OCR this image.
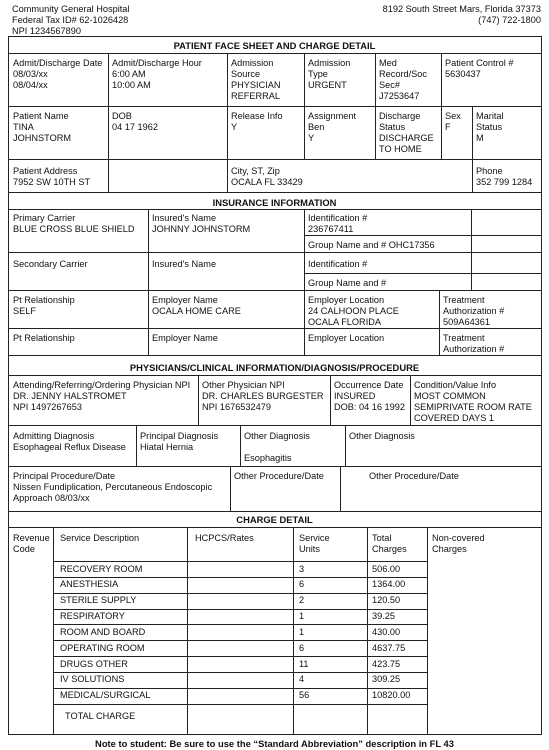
Community General Hospital
Federal Tax ID# 62-1026428
NPI 1234567890
8192 South Street Mars, Florida 37373
(747) 722-1800
PATIENT FACE SHEET AND CHARGE DETAIL
Admit/Discharge Date
08/03/xx
08/04/xx
Admit/Discharge Hour
6:00 AM
10:00 AM
Admission
Source
PHYSICIAN
REFERRAL
Admission
Type
URGENT
Med
Record/Soc
Sec#
J7253647
Patient Control #
5630437
Patient Name
TINA
JOHNSTORM
DOB
04 17 1962
Release Info
Y
Assignment
Ben
Y
Discharge
Status
DISCHARGE
TO HOME
Sex
F
Marital
Status
M
Patient Address
7952 SW 10TH ST
City, ST, Zip
OCALA FL 33429
Phone
352 799 1284
INSURANCE INFORMATION
Primary Carrier
BLUE CROSS BLUE SHIELD
Insured's Name
JOHNNY JOHNSTORM
Identification #
236767411
Group Name and # OHC17356
Secondary Carrier	Insured's Name	Identification #
Group Name and #
Pt Relationship
SELF
Employer Name
OCALA HOME CARE
Employer Location
24 CALHOON PLACE
OCALA FLORIDA
Treatment
Authorization #
509A64361
Pt Relationship	Employer Name	Employer Location	Treatment
Authorization #
PHYSICIANS/CLINICAL INFORMATION/DIAGNOSIS/PROCEDURE
Attending/Referring/Ordering Physician NPI
DR. JENNY HALSTROMET
NPI 1497267653
Other Physician NPI
DR. CHARLES BURGESTER
NPI 1676532479
Occurrence Date
INSURED
DOB: 04 16 1992
Condition/Value Info
MOST COMMON
SEMIPRIVATE ROOM RATE
COVERED DAYS 1
Admitting Diagnosis
Esophageal Reflux Disease
Principal Diagnosis
Hiatal Hernia
Other Diagnosis

Esophagitis
Other Diagnosis
Principal Procedure/Date
Nissen Fundiplication, Percutaneous Endoscopic
Approach 08/03/xx
Other Procedure/Date	Other Procedure/Date
CHARGE DETAIL
Revenue
Code
Service Description	HCPCS/Rates	Service
Units
Total
Charges
Non-covered
Charges
RECOVERY ROOM	3	506.00
ANESTHESIA	6	1364.00
STERILE SUPPLY	2	120.50
RESPIRATORY	1	39.25
ROOM AND BOARD	1	430.00
OPERATING ROOM	6	4637.75
DRUGS OTHER	11	423.75
IV SOLUTIONS	4	309.25
MEDICAL/SURGICAL	56	10820.00
TOTAL CHARGE
Note to student: Be sure to use the “Standard Abbreviation” description in FL 43
